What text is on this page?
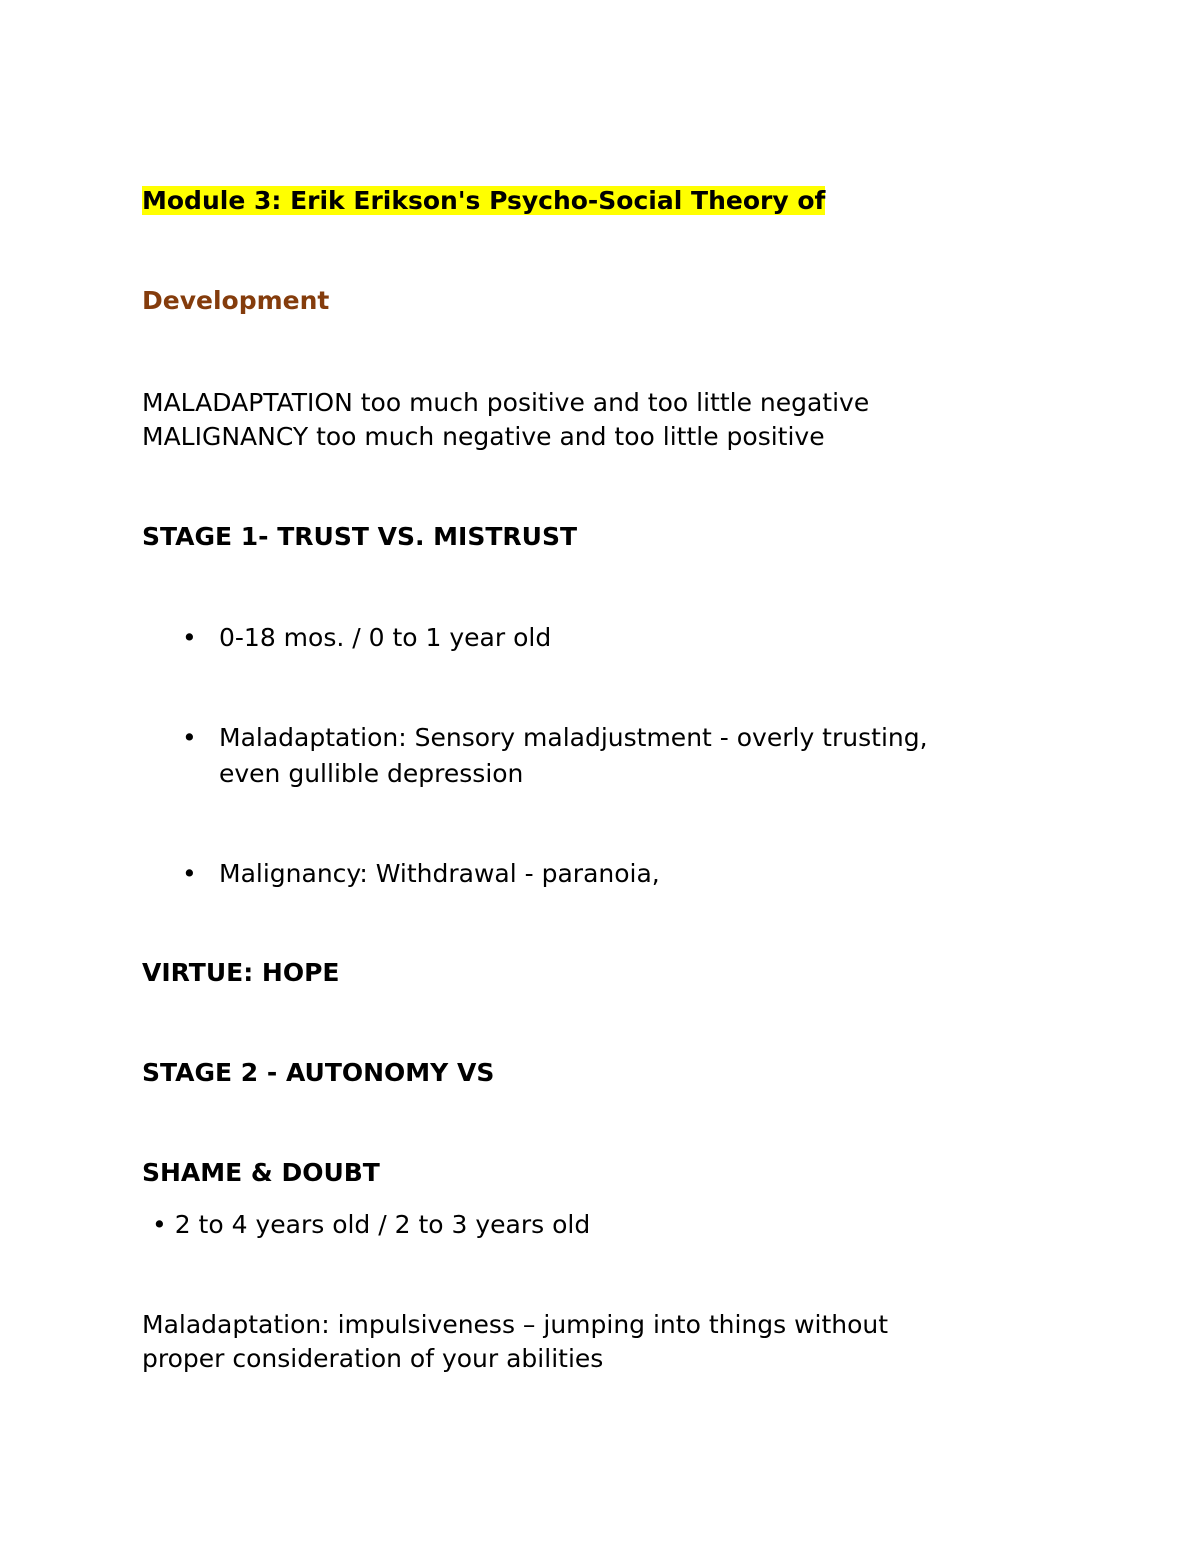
Module 3: Erik Erikson's Psycho-Social Theory of
Development
MALADAPTATION too much positive and too little negative
MALIGNANCY too much negative and too little positive
STAGE 1- TRUST VS. MISTRUST
• 0-18 mos. / 0 to 1 year old
• Maladaptation: Sensory maladjustment - overly trusting,
even gullible depression
• Malignancy: Withdrawal - paranoia,
VIRTUE: HOPE
STAGE 2 - AUTONOMY VS
SHAME & DOUBT
• 2 to 4 years old / 2 to 3 years old
Maladaptation: impulsiveness – jumping into things without
proper consideration of your abilities
